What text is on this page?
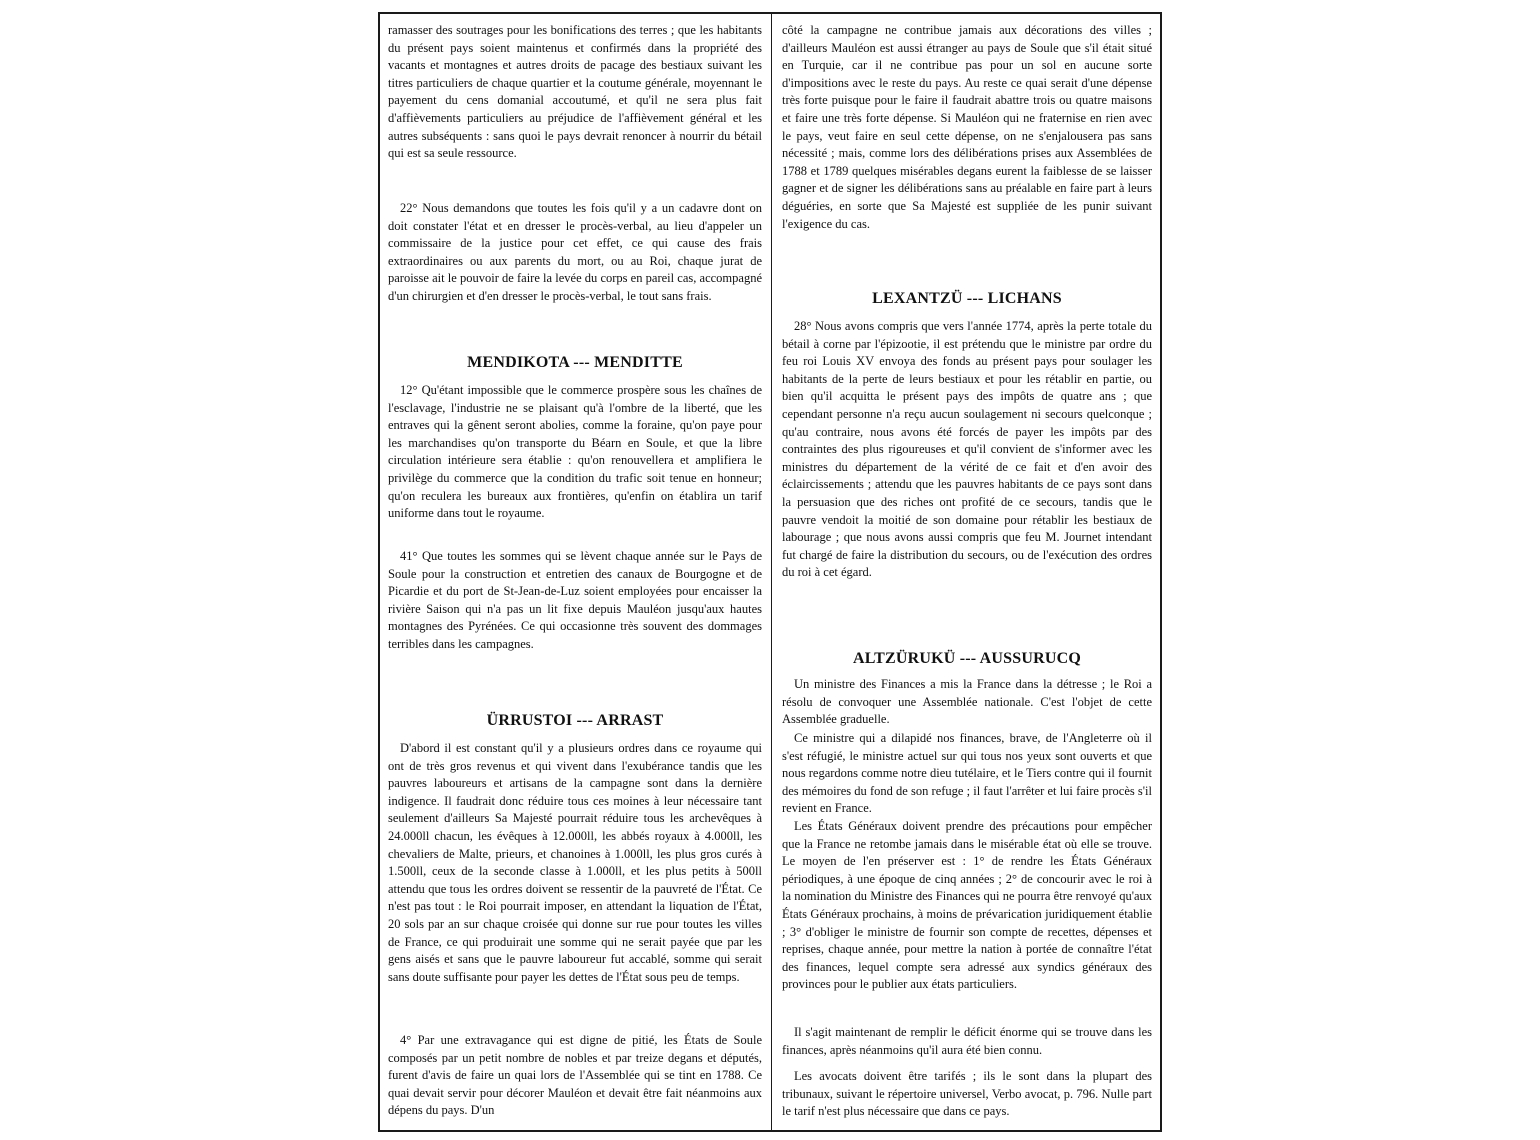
ramasser des soutrages pour les bonifications des terres ; que les habitants du présent pays soient maintenus et confirmés dans la propriété des vacants et montagnes et autres droits de pacage des bestiaux suivant les titres particuliers de chaque quartier et la coutume générale, moyennant le payement du cens domanial accoutumé, et qu'il ne sera plus fait d'affièvements particuliers au préjudice de l'affièvement général et les autres subséquents : sans quoi le pays devrait renoncer à nourrir du bétail qui est sa seule ressource.

22° Nous demandons que toutes les fois qu'il y a un cadavre dont on doit constater l'état et en dresser le procès-verbal, au lieu d'appeler un commissaire de la justice pour cet effet, ce qui cause des frais extraordinaires ou aux parents du mort, ou au Roi, chaque jurat de paroisse ait le pouvoir de faire la levée du corps en pareil cas, accompagné d'un chirurgien et d'en dresser le procès-verbal, le tout sans frais.

MENDIKOTA --- MENDITTE

12° Qu'étant impossible que le commerce prospère sous les chaînes de l'esclavage, l'industrie ne se plaisant qu'à l'ombre de la liberté, que les entraves qui la gênent seront abolies, comme la foraine, qu'on paye pour les marchandises qu'on transporte du Béarn en Soule, et que la libre circulation intérieure sera établie : qu'on renouvellera et amplifiera le privilège du commerce que la condition du trafic soit tenue en honneur; qu'on reculera les bureaux aux frontières, qu'enfin on établira un tarif uniforme dans tout le royaume.

41° Que toutes les sommes qui se lèvent chaque année sur le Pays de Soule pour la construction et entretien des canaux de Bourgogne et de Picardie et du port de St-Jean-de-Luz soient employées pour encaisser la rivière Saison qui n'a pas un lit fixe depuis Mauléon jusqu'aux hautes montagnes des Pyrénées. Ce qui occasionne très souvent des dommages terribles dans les campagnes.

ÜRRUSTOI --- ARRAST

D'abord il est constant qu'il y a plusieurs ordres dans ce royaume qui ont de très gros revenus et qui vivent dans l'exubérance tandis que les pauvres laboureurs et artisans de la campagne sont dans la dernière indigence. Il faudrait donc réduire tous ces moines à leur nécessaire tant seulement d'ailleurs Sa Majesté pourrait réduire tous les archevêques à 24.000ll chacun, les évêques à 12.000ll, les abbés royaux à 4.000ll, les chevaliers de Malte, prieurs, et chanoines à 1.000ll, les plus gros curés à 1.500ll, ceux de la seconde classe à 1.000ll, et les plus petits à 500ll attendu que tous les ordres doivent se ressentir de la pauvreté de l'État. Ce n'est pas tout : le Roi pourrait imposer, en attendant la liquation de l'État, 20 sols par an sur chaque croisée qui donne sur rue pour toutes les villes de France, ce qui produirait une somme qui ne serait payée que par les gens aisés et sans que le pauvre laboureur fut accablé, somme qui serait sans doute suffisante pour payer les dettes de l'État sous peu de temps.

4° Par une extravagance qui est digne de pitié, les États de Soule composés par un petit nombre de nobles et par treize degans et députés, furent d'avis de faire un quai lors de l'Assemblée qui se tint en 1788. Ce quai devait servir pour décorer Mauléon et devait être fait néanmoins aux dépens du pays. D'un

côté la campagne ne contribue jamais aux décorations des villes ; d'ailleurs Mauléon est aussi étranger au pays de Soule que s'il était situé en Turquie, car il ne contribue pas pour un sol en aucune sorte d'impositions avec le reste du pays. Au reste ce quai serait d'une dépense très forte puisque pour le faire il faudrait abattre trois ou quatre maisons et faire une très forte dépense. Si Mauléon qui ne fraternise en rien avec le pays, veut faire en seul cette dépense, on ne s'enjalousera pas sans nécessité ; mais, comme lors des délibérations prises aux Assemblées de 1788 et 1789 quelques misérables degans eurent la faiblesse de se laisser gagner et de signer les délibérations sans au préalable en faire part à leurs déguéries, en sorte que Sa Majesté est suppliée de les punir suivant l'exigence du cas.

LEXANTZÜ --- LICHANS

28° Nous avons compris que vers l'année 1774, après la perte totale du bétail à corne par l'épizootie, il est prétendu que le ministre par ordre du feu roi Louis XV envoya des fonds au présent pays pour soulager les habitants de la perte de leurs bestiaux et pour les rétablir en partie, ou bien qu'il acquitta le présent pays des impôts de quatre ans ; que cependant personne n'a reçu aucun soulagement ni secours quelconque ; qu'au contraire, nous avons été forcés de payer les impôts par des contraintes des plus rigoureuses et qu'il convient de s'informer avec les ministres du département de la vérité de ce fait et d'en avoir des éclaircissements ; attendu que les pauvres habitants de ce pays sont dans la persuasion que des riches ont profité de ce secours, tandis que le pauvre vendoit la moitié de son domaine pour rétablir les bestiaux de labourage ; que nous avons aussi compris que feu M. Journet intendant fut chargé de faire la distribution du secours, ou de l'exécution des ordres du roi à cet égard.

ALTZÜRUKÜ --- AUSSURUCQ

Un ministre des Finances a mis la France dans la détresse ; le Roi a résolu de convoquer une Assemblée nationale. C'est l'objet de cette Assemblée graduelle.

Ce ministre qui a dilapidé nos finances, brave, de l'Angleterre où il s'est réfugié, le ministre actuel sur qui tous nos yeux sont ouverts et que nous regardons comme notre dieu tutélaire, et le Tiers contre qui il fournit des mémoires du fond de son refuge ; il faut l'arrêter et lui faire procès s'il revient en France.

Les États Généraux doivent prendre des précautions pour empêcher que la France ne retombe jamais dans le misérable état où elle se trouve. Le moyen de l'en préserver est : 1° de rendre les États Généraux périodiques, à une époque de cinq années ; 2° de concourir avec le roi à la nomination du Ministre des Finances qui ne pourra être renvoyé qu'aux États Généraux prochains, à moins de prévarication juridiquement établie ; 3° d'obliger le ministre de fournir son compte de recettes, dépenses et reprises, chaque année, pour mettre la nation à portée de connaître l'état des finances, lequel compte sera adressé aux syndics généraux des provinces pour le publier aux états particuliers.

Il s'agit maintenant de remplir le déficit énorme qui se trouve dans les finances, après néanmoins qu'il aura été bien connu.

Les avocats doivent être tarifés ; ils le sont dans la plupart des tribunaux, suivant le répertoire universel, Verbo avocat, p. 796. Nulle part le tarif n'est plus nécessaire que dans ce pays.
